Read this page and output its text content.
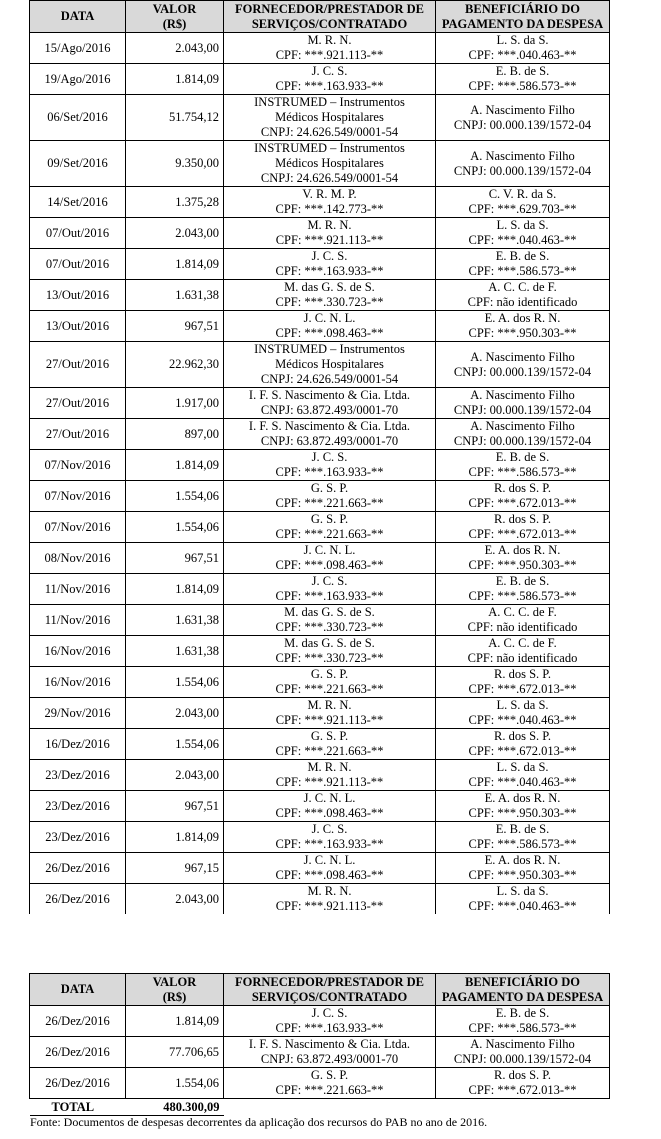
DATA	VALOR
(R$)	FORNECEDOR/PRESTADOR DE
SERVIÇOS/CONTRATADO	BENEFICIÁRIO DO
PAGAMENTO DA DESPESA

15/Ago/2016	2.043,00	M. R. N.
CPF: ***.921.113-**	L. S. da S.
CPF: ***.040.463-**

19/Ago/2016	1.814,09	J. C. S.
CPF: ***.163.933-**	E. B. de S.
CPF: ***.586.573-**

06/Set/2016	51.754,12	INSTRUMED – Instrumentos
Médicos Hospitalares
CNPJ: 24.626.549/0001-54	A. Nascimento Filho
CNPJ: 00.000.139/1572-04

09/Set/2016	9.350,00	INSTRUMED – Instrumentos
Médicos Hospitalares
CNPJ: 24.626.549/0001-54	A. Nascimento Filho
CNPJ: 00.000.139/1572-04

14/Set/2016	1.375,28	V. R. M. P.
CPF: ***.142.773-**	C. V. R. da S.
CPF: ***.629.703-**

07/Out/2016	2.043,00	M. R. N.
CPF: ***.921.113-**	L. S. da S.
CPF: ***.040.463-**

07/Out/2016	1.814,09	J. C. S.
CPF: ***.163.933-**	E. B. de S.
CPF: ***.586.573-**

13/Out/2016	1.631,38	M. das G. S. de S.
CPF: ***.330.723-**	A. C. C. de F.
CPF: não identificado

13/Out/2016	967,51	J. C. N. L.
CPF: ***.098.463-**	E. A. dos R. N.
CPF: ***.950.303-**

27/Out/2016	22.962,30	INSTRUMED – Instrumentos
Médicos Hospitalares
CNPJ: 24.626.549/0001-54	A. Nascimento Filho
CNPJ: 00.000.139/1572-04

27/Out/2016	1.917,00	I. F. S. Nascimento & Cia. Ltda.
CNPJ: 63.872.493/0001-70	A. Nascimento Filho
CNPJ: 00.000.139/1572-04

27/Out/2016	897,00	I. F. S. Nascimento & Cia. Ltda.
CNPJ: 63.872.493/0001-70	A. Nascimento Filho
CNPJ: 00.000.139/1572-04

07/Nov/2016	1.814,09	J. C. S.
CPF: ***.163.933-**	E. B. de S.
CPF: ***.586.573-**

07/Nov/2016	1.554,06	G. S. P.
CPF: ***.221.663-**	R. dos S. P.
CPF: ***.672.013-**

07/Nov/2016	1.554,06	G. S. P.
CPF: ***.221.663-**	R. dos S. P.
CPF: ***.672.013-**

08/Nov/2016	967,51	J. C. N. L.
CPF: ***.098.463-**	E. A. dos R. N.
CPF: ***.950.303-**

11/Nov/2016	1.814,09	J. C. S.
CPF: ***.163.933-**	E. B. de S.
CPF: ***.586.573-**

11/Nov/2016	1.631,38	M. das G. S. de S.
CPF: ***.330.723-**	A. C. C. de F.
CPF: não identificado

16/Nov/2016	1.631,38	M. das G. S. de S.
CPF: ***.330.723-**	A. C. C. de F.
CPF: não identificado

16/Nov/2016	1.554,06	G. S. P.
CPF: ***.221.663-**	R. dos S. P.
CPF: ***.672.013-**

29/Nov/2016	2.043,00	M. R. N.
CPF: ***.921.113-**	L. S. da S.
CPF: ***.040.463-**

16/Dez/2016	1.554,06	G. S. P.
CPF: ***.221.663-**	R. dos S. P.
CPF: ***.672.013-**

23/Dez/2016	2.043,00	M. R. N.
CPF: ***.921.113-**	L. S. da S.
CPF: ***.040.463-**

23/Dez/2016	967,51	J. C. N. L.
CPF: ***.098.463-**	E. A. dos R. N.
CPF: ***.950.303-**

23/Dez/2016	1.814,09	J. C. S.
CPF: ***.163.933-**	E. B. de S.
CPF: ***.586.573-**

26/Dez/2016	967,15	J. C. N. L.
CPF: ***.098.463-**	E. A. dos R. N.
CPF: ***.950.303-**

26/Dez/2016	2.043,00	M. R. N.
CPF: ***.921.113-**	L. S. da S.
CPF: ***.040.463-**
DATA	VALOR
(R$)	FORNECEDOR/PRESTADOR DE
SERVIÇOS/CONTRATADO	BENEFICIÁRIO DO
PAGAMENTO DA DESPESA

26/Dez/2016	1.814,09	J. C. S.
CPF: ***.163.933-**	E. B. de S.
CPF: ***.586.573-**

26/Dez/2016	77.706,65	I. F. S. Nascimento & Cia. Ltda.
CNPJ: 63.872.493/0001-70	A. Nascimento Filho
CNPJ: 00.000.139/1572-04

26/Dez/2016	1.554,06	G. S. P.
CPF: ***.221.663-**	R. dos S. P.
CPF: ***.672.013-**

TOTAL	480.300,09		
Fonte: Documentos de despesas decorrentes da aplicação dos recursos do PAB no ano de 2016.
